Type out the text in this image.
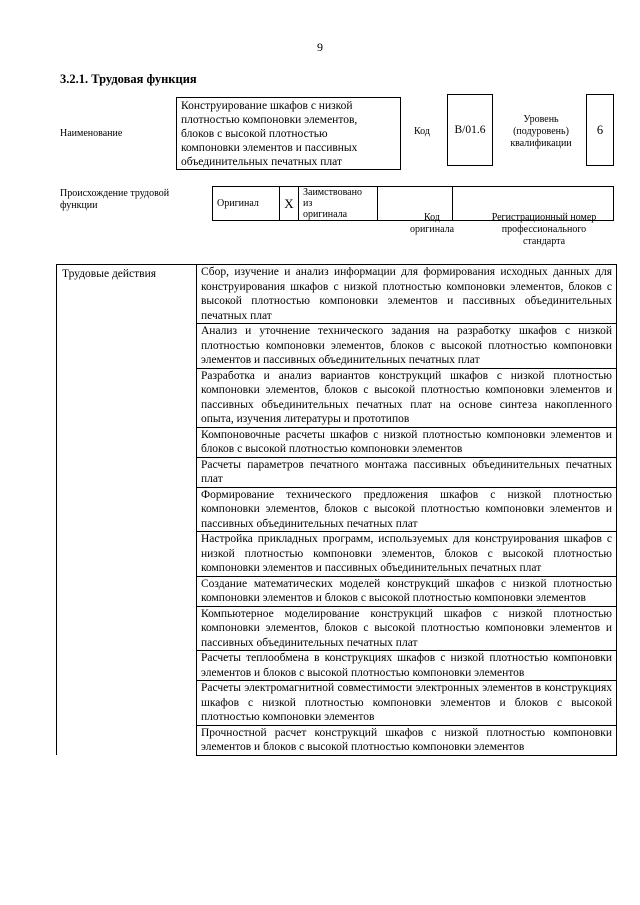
9
3.2.1. Трудовая функция
Наименование
Конструирование шкафов с низкой
плотностью компоновки элементов,
блоков с высокой плотностью
компоновки элементов и пассивных
объединительных печатных плат
Код	B/01.6
Уровень
(подуровень)
квалификации
6
Происхождение трудовой
функции	Оригинал	X	
Заимствовано из
оригинала
			Код
оригинала
Регистрационный номер
профессионального
стандарта
Трудовые действия	Сбор, изучение и анализ информации для формирования исходных данных для конструирования шкафов с низкой плотностью компоновки элементов, блоков с высокой плотностью компоновки элементов и пассивных объединительных печатных плат
Анализ и уточнение технического задания на разработку шкафов с низкой плотностью компоновки элементов, блоков с высокой плотностью компоновки элементов и пассивных объединительных печатных плат
Разработка и анализ вариантов конструкций шкафов с низкой плотностью компоновки элементов, блоков с высокой плотностью компоновки элементов и пассивных объединительных печатных плат на основе синтеза накопленного опыта, изучения литературы и прототипов
Компоновочные расчеты шкафов с низкой плотностью компоновки элементов и блоков с высокой плотностью компоновки элементов
Расчеты параметров печатного монтажа пассивных объединительных печатных плат
Формирование технического предложения шкафов с низкой плотностью компоновки элементов, блоков с высокой плотностью компоновки элементов и пассивных объединительных печатных плат
Настройка прикладных программ, используемых для конструирования шкафов с низкой плотностью компоновки элементов, блоков с высокой плотностью компоновки элементов и пассивных объединительных печатных плат
Создание математических моделей конструкций шкафов с низкой плотностью компоновки элементов и блоков с высокой плотностью компоновки элементов
Компьютерное моделирование конструкций шкафов с низкой плотностью компоновки элементов, блоков с высокой плотностью компоновки элементов и пассивных объединительных печатных плат
Расчеты теплообмена в конструкциях шкафов с низкой плотностью компоновки элементов и блоков с высокой плотностью компоновки элементов
Расчеты электромагнитной совместимости электронных элементов в конструкциях шкафов с низкой плотностью компоновки элементов и блоков с высокой плотностью компоновки элементов
Прочностной расчет конструкций шкафов с низкой плотностью компоновки элементов и блоков с высокой плотностью компоновки элементов
